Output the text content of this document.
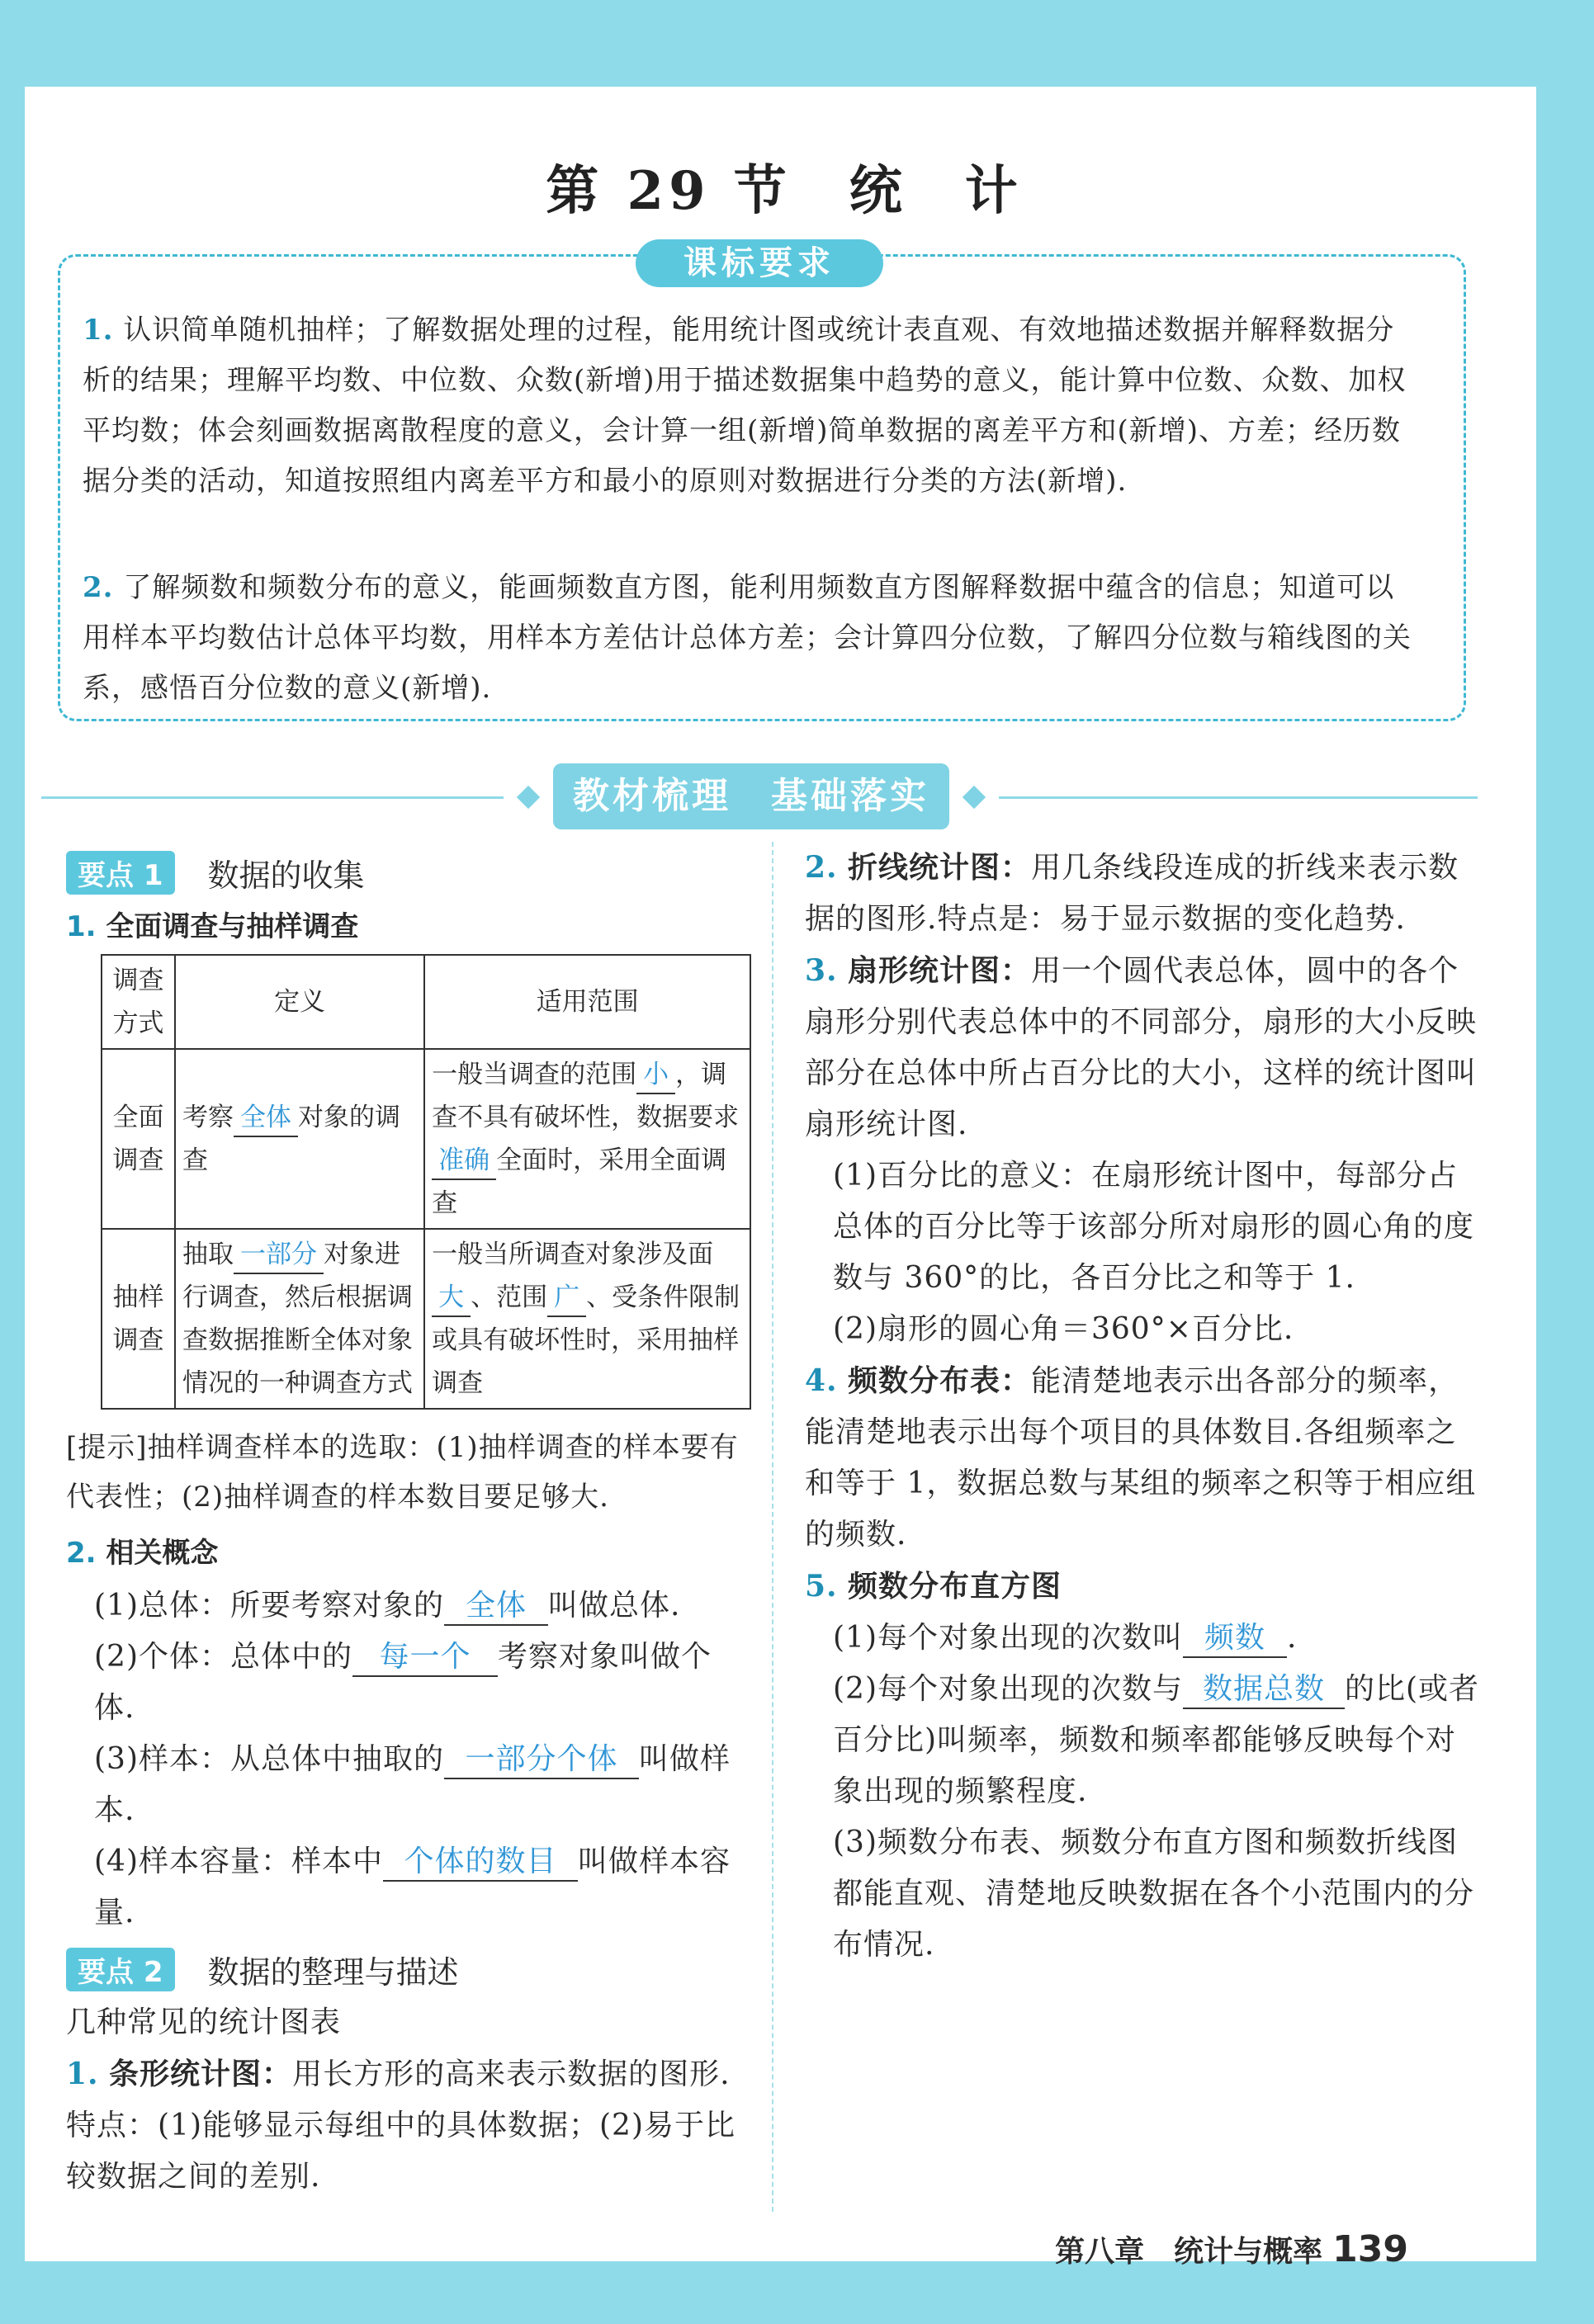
第 29 节　统　计
课标要求
1. 认识简单随机抽样；了解数据处理的过程，能用统计图或统计表直观、有效地描述数据并解释数据分析的结果；理解平均数、中位数、众数(新增)用于描述数据集中趋势的意义，能计算中位数、众数、加权平均数；体会刻画数据离散程度的意义，会计算一组(新增)简单数据的离差平方和(新增)、方差；经历数据分类的活动，知道按照组内离差平方和最小的原则对数据进行分类的方法(新增).
2. 了解频数和频数分布的意义，能画频数直方图，能利用频数直方图解释数据中蕴含的信息；知道可以用样本平均数估计总体平均数，用样本方差估计总体方差；会计算四分位数，了解四分位数与箱线图的关系，感悟百分位数的意义(新增).
教材梳理　基础落实
要点 1	数据的收集
1. 全面调查与抽样调查
调查方式	定义	适用范围
全面调查	考察 全体 对象的调查	一般当调查的范围 小 ，调查不具有破坏性，数据要求准确 全面时，采用全面调查
抽样调查	抽取 一部分 对象进行调查，然后根据调查数据推断全体对象情况的一种调查方式	一般当所调查对象涉及面大 、范围 广 、受条件限制或具有破坏性时，采用抽样调查

[提示]抽样调查样本的选取：(1)抽样调查的样本要有代表性；(2)抽样调查的样本数目要足够大.

2. 相关概念

(1)总体：所要考察对象的 全体 叫做总体.

(2)个体：总体中的 每一个 考察对象叫做个体.

(3)样本：从总体中抽取的 一部分个体 叫做样本.

(4)样本容量：样本中 个体的数目 叫做样本容量.

要点 2	数据的整理与描述

几种常见的统计图表

1. 条形统计图：用长方形的高来表示数据的图形.特点：(1)能够显示每组中的具体数据；(2)易于比较数据之间的差别.

2. 折线统计图：用几条线段连成的折线来表示数据的图形.特点是：易于显示数据的变化趋势.

3. 扇形统计图：用一个圆代表总体，圆中的各个扇形分别代表总体中的不同部分，扇形的大小反映部分在总体中所占百分比的大小，这样的统计图叫扇形统计图.

(1)百分比的意义：在扇形统计图中，每部分占总体的百分比等于该部分所对扇形的圆心角的度数与 360°的比，各百分比之和等于 1.

(2)扇形的圆心角＝360°×百分比.

4. 频数分布表：能清楚地表示出各部分的频率，能清楚地表示出每个项目的具体数目.各组频率之和等于 1，数据总数与某组的频率之积等于相应组的频数.

5. 频数分布直方图

(1)每个对象出现的次数叫 频数 .

(2)每个对象出现的次数与 数据总数 的比(或者百分比)叫频率，频数和频率都能够反映每个对象出现的频繁程度.

(3)频数分布表、频数分布直方图和频数折线图都能直观、清楚地反映数据在各个小范围内的分布情况.

第八章　统计与概率 139
